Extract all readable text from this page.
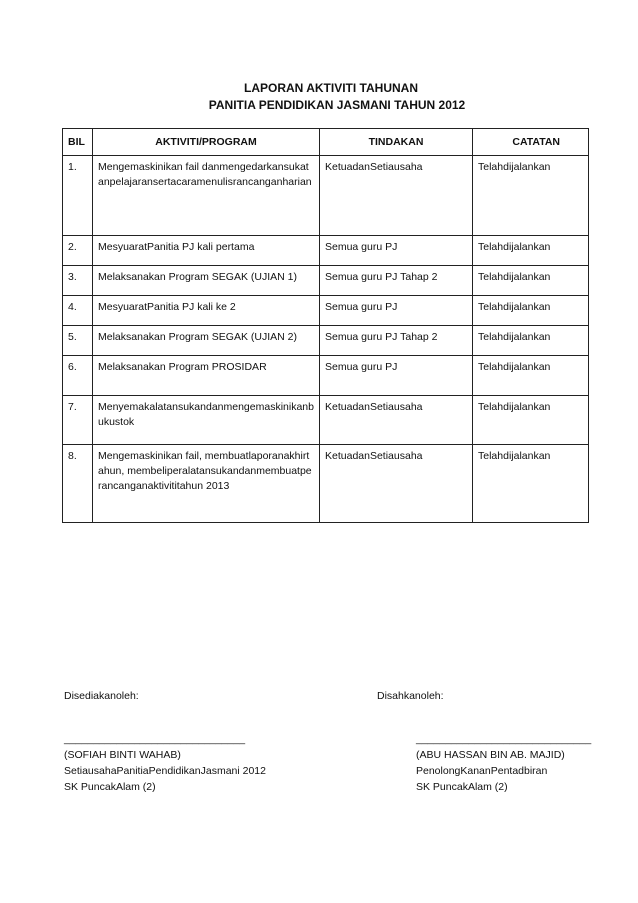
LAPORAN AKTIVITI TAHUNAN
PANITIA PENDIDIKAN JASMANI TAHUN 2012
BIL	AKTIVITI/PROGRAM	TINDAKAN	CATATAN
1.	Mengemaskinikan fail danmengedarkansukatanpelajaransertacaramenulisrancanganharian	KetuadanSetiausaha	Telahdijalankan
2.	MesyuaratPanitia PJ kali pertama	Semua guru PJ	Telahdijalankan
3.	Melaksanakan Program SEGAK (UJIAN 1)	Semua guru PJ Tahap 2	Telahdijalankan
4.	MesyuaratPanitia PJ kali ke 2	Semua guru PJ	Telahdijalankan
5.	Melaksanakan Program SEGAK (UJIAN 2)	Semua guru PJ Tahap 2	Telahdijalankan
6.	Melaksanakan Program PROSIDAR	Semua guru PJ	Telahdijalankan
7.	Menyemakalatansukandanmengemaskinikanbukustok	KetuadanSetiausaha	Telahdijalankan
8.	Mengemaskinikan fail, membuatlaporanakhirtahun, membeliperalatansukandanmembuatperancanganaktivititahun 2013	KetuadanSetiausaha	Telahdijalankan
Disediakanoleh:	Disahkanoleh:
_______________________________
(SOFIAH BINTI WAHAB)
SetiausahaPanitiaPendidikanJasmani 2012
SK PuncakAlam (2)
______________________________
(ABU HASSAN BIN AB. MAJID)
PenolongKananPentadbiran
SK PuncakAlam (2)
